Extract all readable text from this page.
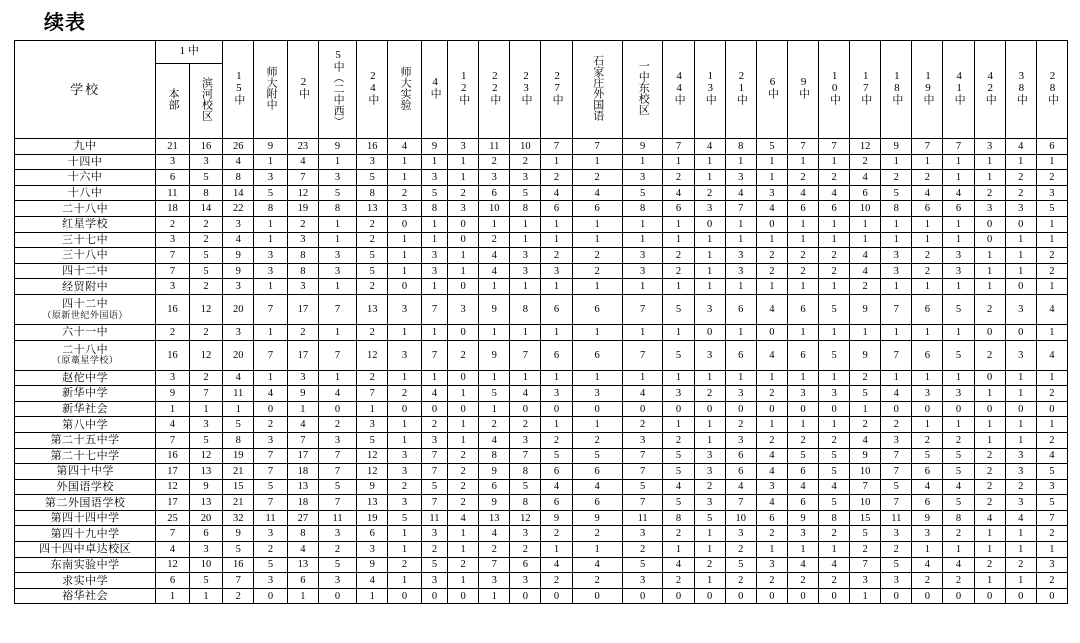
续表
学校	1 中		15中	师大附中	2中	5中（二中西）	24中	师大实验	4中	12中	22中	23中	27中	石家庄外国语	一中东校区	44中	13中	21中	6中	9中	10中	17中	18中	19中	41中	42中	38中	28中
	本部	滨河校区																										

九中	21	16	26	9	23	9	16	4	9	3	11	10	7	7	9	7	4	8	5	7	7	12	9	7	7	3	4	6

十四中	3	3	4	1	4	1	3	1	1	1	2	2	1	1	1	1	1	1	1	1	1	2	1	1	1	1	1	1

十六中	6	5	8	3	7	3	5	1	3	1	3	3	2	2	3	2	1	3	1	2	2	4	2	2	1	1	2	2

十八中	11	8	14	5	12	5	8	2	5	2	6	5	4	4	5	4	2	4	3	4	4	6	5	4	4	2	2	3

二十八中	18	14	22	8	19	8	13	3	8	3	10	8	6	6	8	6	3	7	4	6	6	10	8	6	6	3	3	5

红星学校	2	2	3	1	2	1	2	0	1	0	1	1	1	1	1	1	0	1	0	1	1	1	1	1	1	0	0	1

三十七中	3	2	4	1	3	1	2	1	1	0	2	1	1	1	1	1	1	1	1	1	1	1	1	1	1	0	1	1

三十八中	7	5	9	3	8	3	5	1	3	1	4	3	2	2	3	2	1	3	2	2	2	4	3	2	3	1	1	2

四十二中	7	5	9	3	8	3	5	1	3	1	4	3	3	2	3	2	1	3	2	2	2	4	3	2	3	1	1	2

经贸附中	3	2	3	1	3	1	2	0	1	0	1	1	1	1	1	1	1	1	1	1	1	2	1	1	1	1	0	1

四十二中
（原新世纪外国语）	16	12	20	7	17	7	13	3	7	3	9	8	6	6	7	5	3	6	4	6	5	9	7	6	5	2	3	4

六十一中	2	2	3	1	2	1	2	1	1	0	1	1	1	1	1	1	0	1	0	1	1	1	1	1	1	0	0	1

二十八中
（原藁星学校）	16	12	20	7	17	7	12	3	7	2	9	7	6	6	7	5	3	6	4	6	5	9	7	6	5	2	3	4

赵佗中学	3	2	4	1	3	1	2	1	1	0	1	1	1	1	1	1	1	1	1	1	1	2	1	1	1	0	1	1

新华中学	9	7	11	4	9	4	7	2	4	1	5	4	3	3	4	3	2	3	2	3	3	5	4	3	3	1	1	2

新华社会	1	1	1	0	1	0	1	0	0	0	1	0	0	0	0	0	0	0	0	0	0	1	0	0	0	0	0	0

第八中学	4	3	5	2	4	2	3	1	2	1	2	2	1	1	2	1	1	2	1	1	1	2	2	1	1	1	1	1

第二十五中学	7	5	8	3	7	3	5	1	3	1	4	3	2	2	3	2	1	3	2	2	2	4	3	2	2	1	1	2

第二十七中学	16	12	19	7	17	7	12	3	7	2	8	7	5	5	7	5	3	6	4	5	5	9	7	5	5	2	3	4

第四十中学	17	13	21	7	18	7	12	3	7	2	9	8	6	6	7	5	3	6	4	6	5	10	7	6	5	2	3	5

外国语学校	12	9	15	5	13	5	9	2	5	2	6	5	4	4	5	4	2	4	3	4	4	7	5	4	4	2	2	3

第二外国语学校	17	13	21	7	18	7	13	3	7	2	9	8	6	6	7	5	3	7	4	6	5	10	7	6	5	2	3	5

第四十四中学	25	20	32	11	27	11	19	5	11	4	13	12	9	9	11	8	5	10	6	9	8	15	11	9	8	4	4	7

第四十九中学	7	6	9	3	8	3	6	1	3	1	4	3	2	2	3	2	1	3	2	3	2	5	3	3	2	1	1	2

四十四中卓达校区	4	3	5	2	4	2	3	1	2	1	2	2	1	1	2	1	1	2	1	1	1	2	2	1	1	1	1	1

东南实验中学	12	10	16	5	13	5	9	2	5	2	7	6	4	4	5	4	2	5	3	4	4	7	5	4	4	2	2	3

求实中学	6	5	7	3	6	3	4	1	3	1	3	3	2	2	3	2	1	2	2	2	2	3	3	2	2	1	1	2

裕华社会	1	1	2	0	1	0	1	0	0	0	1	0	0	0	0	0	0	0	0	0	0	1	0	0	0	0	0	0
